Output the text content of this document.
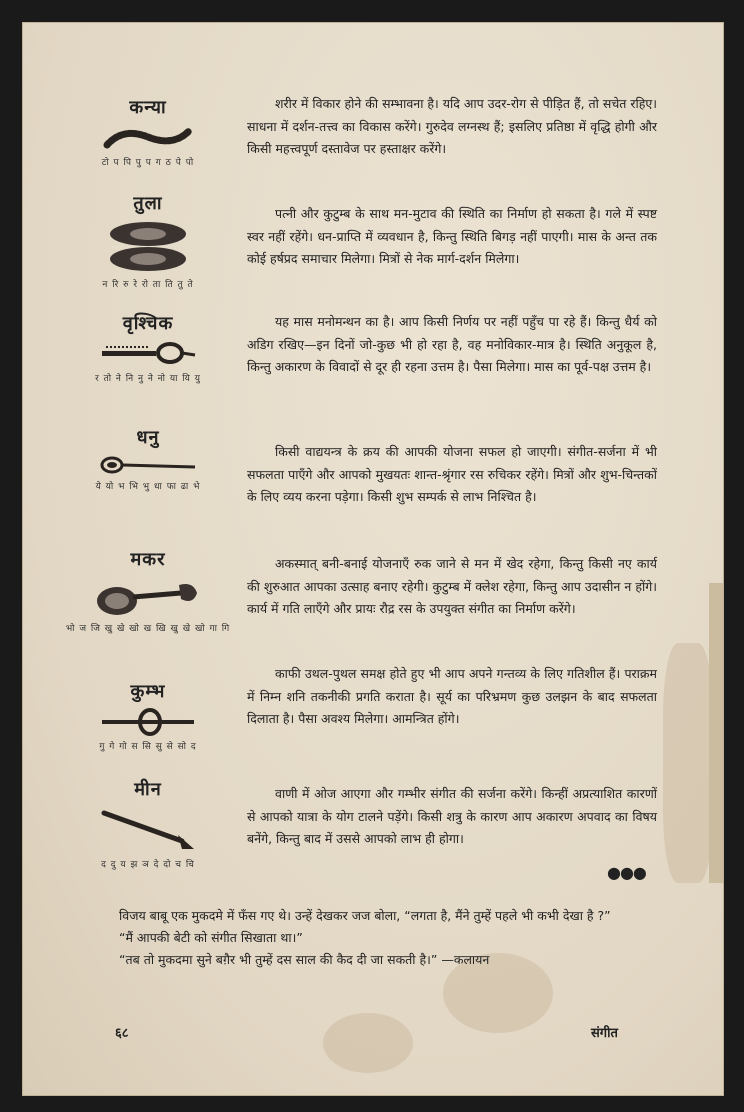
कन्या
टो प पि पु प ग ठ पे पो
तुला
न रि रु रे रो ता ति तु ते
वृश्चिक
र तो ने नि नु ने नो या यि यु
धनु
ये यो भ भि भु धा फा ढा भे
मकर
भो ज जि खु खे खो ख खि खु खे खो गा गि
कुम्भ
गु गे गो स सि सु से सो द
मीन
द दु य झ ञ दे दो च चि

शरीर में विकार होने की सम्भावना है। यदि आप उदर-रोग से पीड़ित हैं, तो सचेत रहिए। साधना में दर्शन-तत्त्व का विकास करेंगे। गुरुदेव लग्नस्थ हैं; इसलिए प्रतिष्ठा में वृद्धि होगी और किसी महत्त्वपूर्ण दस्तावेज पर हस्ताक्षर करेंगे।

पत्नी और कुटुम्ब के साथ मन-मुटाव की स्थिति का निर्माण हो सकता है। गले में स्पष्ट स्वर नहीं रहेंगे। धन-प्राप्ति में व्यवधान है, किन्तु स्थिति बिगड़ नहीं पाएगी। मास के अन्त तक कोई हर्षप्रद समाचार मिलेगा। मित्रों से नेक मार्ग-दर्शन मिलेगा।

यह मास मनोमन्थन का है। आप किसी निर्णय पर नहीं पहुँच पा रहे हैं। किन्तु धैर्य को अडिग रखिए—इन दिनों जो-कुछ भी हो रहा है, वह मनोविकार-मात्र है। स्थिति अनुकूल है, किन्तु अकारण के विवादों से दूर ही रहना उत्तम है। पैसा मिलेगा। मास का पूर्व-पक्ष उत्तम है।

किसी वाद्ययन्त्र के क्रय की आपकी योजना सफल हो जाएगी। संगीत-सर्जना में भी सफलता पाएँगे और आपको मुखयतः शान्त-श्रृंगार रस रुचिकर रहेंगे। मित्रों और शुभ-चिन्तकों के लिए व्यय करना पड़ेगा। किसी शुभ सम्पर्क से लाभ निश्चित है।

अकस्मात् बनी-बनाई योजनाएँ रुक जाने से मन में खेद रहेगा, किन्तु किसी नए कार्य की शुरुआत आपका उत्साह बनाए रहेगी। कुटुम्ब में क्लेश रहेगा, किन्तु आप उदासीन न होंगे। कार्य में गति लाएँगे और प्रायः रौद्र रस के उपयुक्त संगीत का निर्माण करेंगे।

काफी उथल-पुथल समक्ष होते हुए भी आप अपने गन्तव्य के लिए गतिशील हैं। पराक्रम में निम्न शनि तकनीकी प्रगति कराता है। सूर्य का परिभ्रमण कुछ उलझन के बाद सफलता दिलाता है। पैसा अवश्य मिलेगा। आमन्त्रित होंगे।

वाणी में ओज आएगा और गम्भीर संगीत की सर्जना करेंगे। किन्हीं अप्रत्याशित कारणों से आपको यात्रा के योग टालने पड़ेंगे। किसी शत्रु के कारण आप अकारण अपवाद का विषय बनेंगे, किन्तु बाद में उससे आपको लाभ ही होगा।

●●●

विजय बाबू एक मुकदमे में फँस गए थे। उन्हें देखकर जज बोला, “लगता है, मैंने तुम्हें पहले भी कभी देखा है ?”

“मैं आपकी बेटी को संगीत सिखाता था।”

“तब तो मुकदमा सुने बग़ैर भी तुम्हें दस साल की कैद दी जा सकती है।” —कलायन

६८	संगीत
